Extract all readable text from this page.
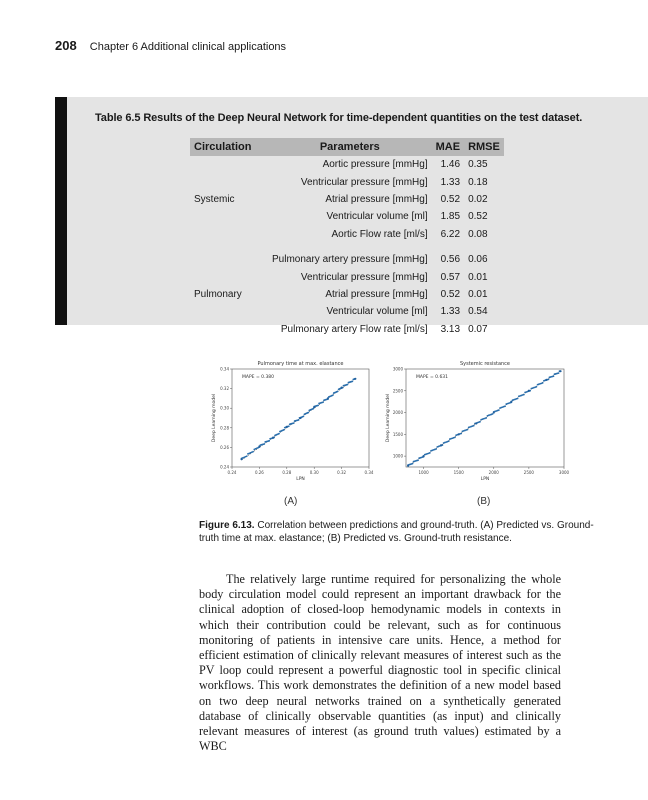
208 Chapter 6 Additional clinical applications
Table 6.5 Results of the Deep Neural Network for time-dependent quantities on the test dataset.
Circulation	Parameters	MAE	RMSE
	Aortic pressure [mmHg]	1.46	0.35
	Ventricular pressure [mmHg]	1.33	0.18
Systemic	Atrial pressure [mmHg]	0.52	0.02
	Ventricular volume [ml]	1.85	0.52
	Aortic Flow rate [ml/s]	6.22	0.08

	Pulmonary artery pressure [mmHg]	0.56	0.06
	Ventricular pressure [mmHg]	0.57	0.01
Pulmonary	Atrial pressure [mmHg]	0.52	0.01
	Ventricular volume [ml]	1.33	0.54
	Pulmonary artery Flow rate [ml/s]	3.13	0.07
Pulmonary time at max. elastance
MAPE = 0.380
0.24	0.26	0.28	0.30	0.32	0.34
0.24
0.26
0.28
0.30
0.32
0.34
LPN
Deep Learning model
Systemic resistance
MAPE = 0.631
1000	1500	2000	2500	3000
1000
1500
2000
2500
3000
LPN
Deep Learning model
(A)	(B)
Figure 6.13. Correlation between predictions and ground-truth. (A) Predicted vs. Ground-truth time at max. elastance; (B) Predicted vs. Ground-truth resistance.

The relatively large runtime required for personalizing the whole body circulation model could represent an important drawback for the clinical adoption of closed-loop hemodynamic models in contexts in which their contribution could be relevant, such as for continuous monitoring of patients in intensive care units. Hence, a method for efficient estimation of clinically relevant measures of interest such as the PV loop could represent a powerful diagnostic tool in specific clinical workflows. This work demonstrates the definition of a new model based on two deep neural networks trained on a synthetically generated database of clinically observable quantities (as input) and clinically relevant measures of interest (as ground truth values) estimated by a WBC
